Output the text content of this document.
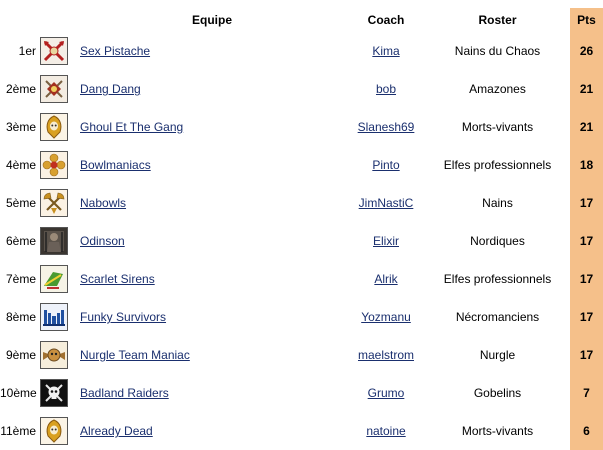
		Equipe	Coach	Roster	Pts
1er		Sex Pistache	Kima	Nains du Chaos	26
2ème		Dang Dang	bob	Amazones	21
3ème		Ghoul Et The Gang	Slanesh69	Morts-vivants	21
4ème		Bowlmaniacs	Pinto	Elfes professionnels	18
5ème		Nabowls	JimNastiC	Nains	17
6ème		Odinson	Elixir	Nordiques	17
7ème		Scarlet Sirens	Alrik	Elfes professionnels	17
8ème		Funky Survivors	Yozmanu	Nécromanciens	17
9ème		Nurgle Team Maniac	maelstrom	Nurgle	17
10ème		Badland Raiders	Grumo	Gobelins	7
11ème		Already Dead	natoine	Morts-vivants	6
